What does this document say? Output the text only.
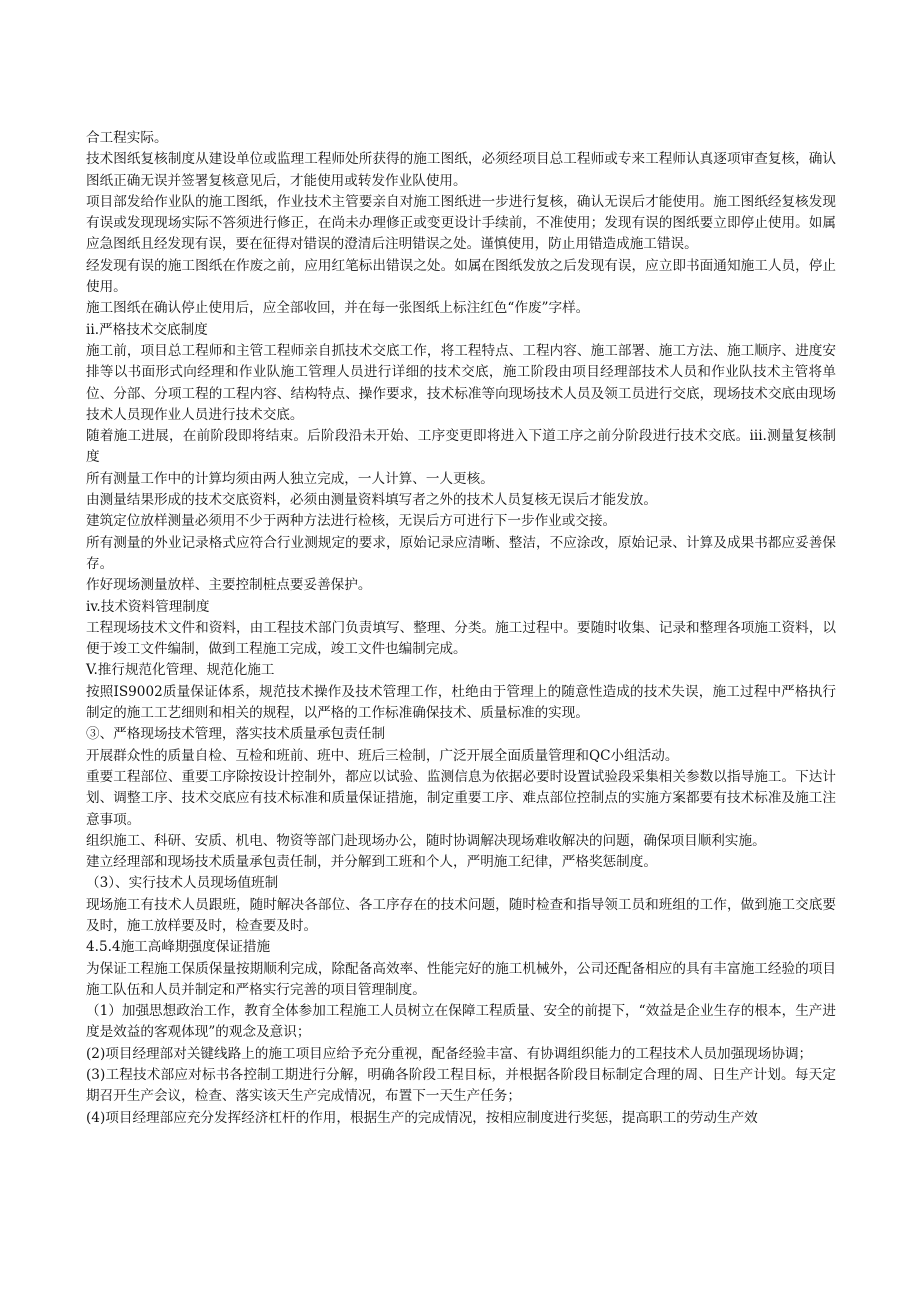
合工程实际。

技术图纸复核制度从建设单位或监理工程师处所获得的施工图纸，必须经项目总工程师或专来工程师认真逐项审查复核，确认图纸正确无误并签署复核意见后，才能使用或转发作业队使用。

项目部发给作业队的施工图纸，作业技术主管要亲自对施工图纸进一步进行复核，确认无误后才能使用。施工图纸经复核发现有误或发现现场实际不答须进行修正，在尚未办理修正或变更设计手续前，不准使用；发现有误的图纸要立即停止使用。如属应急图纸且经发现有误，要在征得对错误的澄清后注明错误之处。谨慎使用，防止用错造成施工错误。

经发现有误的施工图纸在作废之前，应用红笔标出错误之处。如属在图纸发放之后发现有误，应立即书面通知施工人员，停止使用。

施工图纸在确认停止使用后，应全部收回，并在每一张图纸上标注红色“作废”字样。

ii.严格技术交底制度

施工前，项目总工程师和主管工程师亲自抓技术交底工作，将工程特点、工程内容、施工部署、施工方法、施工顺序、进度安排等以书面形式向经理和作业队施工管理人员进行详细的技术交底，施工阶段由项目经理部技术人员和作业队技术主管将单位、分部、分项工程的工程内容、结构特点、操作要求，技术标准等向现场技术人员及领工员进行交底，现场技术交底由现场技术人员现作业人员进行技术交底。

随着施工进展，在前阶段即将结束。后阶段沿未开始、工序变更即将进入下道工序之前分阶段进行技术交底。iii.测量复核制度

所有测量工作中的计算均须由两人独立完成，一人计算、一人更核。

由测量结果形成的技术交底资料，必须由测量资料填写者之外的技术人员复核无误后才能发放。

建筑定位放样测量必须用不少于两种方法进行检核，无误后方可进行下一步作业或交接。

所有测量的外业记录格式应符合行业测规定的要求，原始记录应清晰、整洁，不应涂改，原始记录、计算及成果书都应妥善保存。

作好现场测量放样、主要控制桩点要妥善保护。

iv.技术资料管理制度

工程现场技术文件和资料，由工程技术部门负责填写、整理、分类。施工过程中。要随时收集、记录和整理各项施工资料，以便于竣工文件编制，做到工程施工完成，竣工文件也编制完成。

V.推行规范化管理、规范化施工

按照IS9002质量保证体系，规范技术操作及技术管理工作，杜绝由于管理上的随意性造成的技术失误，施工过程中严格执行制定的施工工艺细则和相关的规程，以严格的工作标准确保技术、质量标准的实现。

③、严格现场技术管理，落实技术质量承包责任制

开展群众性的质量自检、互检和班前、班中、班后三检制，广泛开展全面质量管理和QC小组活动。

重要工程部位、重要工序除按设计控制外，都应以试验、监测信息为依据必要时设置试验段采集相关参数以指导施工。下达计划、调整工序、技术交底应有技术标准和质量保证措施，制定重要工序、难点部位控制点的实施方案都要有技术标准及施工注意事项。

组织施工、科研、安质、机电、物资等部门赴现场办公，随时协调解决现场难收解决的问题，确保项目顺利实施。

建立经理部和现场技术质量承包责任制，并分解到工班和个人，严明施工纪律，严格奖惩制度。

（3）、实行技术人员现场值班制

现场施工有技术人员跟班，随时解决各部位、各工序存在的技术问题，随时检查和指导领工员和班组的工作，做到施工交底要及时，施工放样要及时，检查要及时。

4.5.4施工高峰期强度保证措施

为保证工程施工保质保量按期顺利完成，除配备高效率、性能完好的施工机械外，公司还配备相应的具有丰富施工经验的项目施工队伍和人员并制定和严格实行完善的项目管理制度。

（1）加强思想政治工作，教育全体参加工程施工人员树立在保障工程质量、安全的前提下，“效益是企业生存的根本，生产进度是效益的客观体现”的观念及意识；

(2)项目经理部对关键线路上的施工项目应给予充分重视，配备经验丰富、有协调组织能力的工程技术人员加强现场协调；

(3)工程技术部应对标书各控制工期进行分解，明确各阶段工程目标，并根据各阶段目标制定合理的周、日生产计划。每天定期召开生产会议，检查、落实该天生产完成情况，布置下一天生产任务；

(4)项目经理部应充分发挥经济杠杆的作用，根据生产的完成情况，按相应制度进行奖惩，提高职工的劳动生产效
